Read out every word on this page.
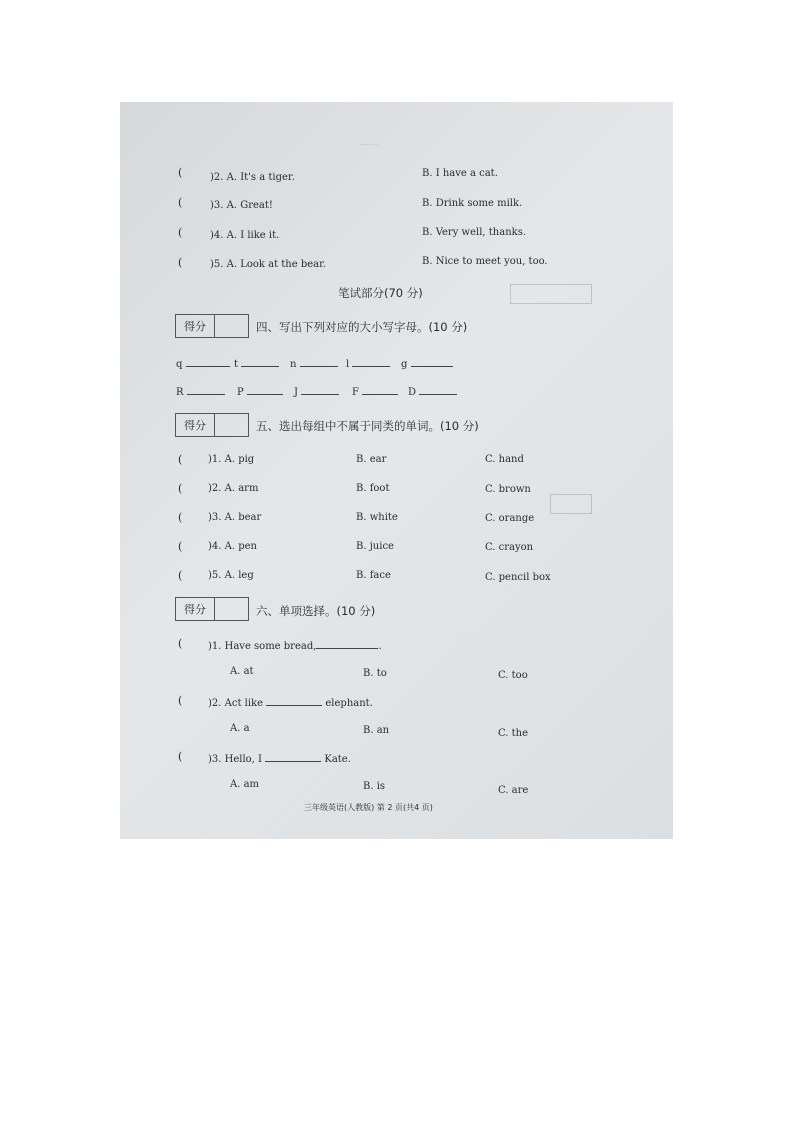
——
(	)2. A. It's a tiger.	B. I have a cat.
(	)3. A. Great!	B. Drink some milk.
(	)4. A. I like it.	B. Very well, thanks.
(	)5. A. Look at the bear.	B. Nice to meet you, too.
笔试部分(70 分)
得分	四、写出下列对应的大小写字母。(10 分)
q	t	n	l	g
R	P	J	F	D
得分	五、选出每组中不属于同类的单词。(10 分)
(	)1. A. pig	B. ear	C. hand
(	)2. A. arm	B. foot	C. brown
(	)3. A. bear	B. white	C. orange
(	)4. A. pen	B. juice	C. crayon
(	)5. A. leg	B. face	C. pencil box
得分	六、单项选择。(10 分)
(	)1. Have some bread,	.
A. at	B. to	C. too
(	)2. Act like	elephant.
A. a	B. an	C. the
(	)3. Hello, I	Kate.
A. am	B. is	C. are
三年级英语(人教版) 第 2 页(共4 页)
